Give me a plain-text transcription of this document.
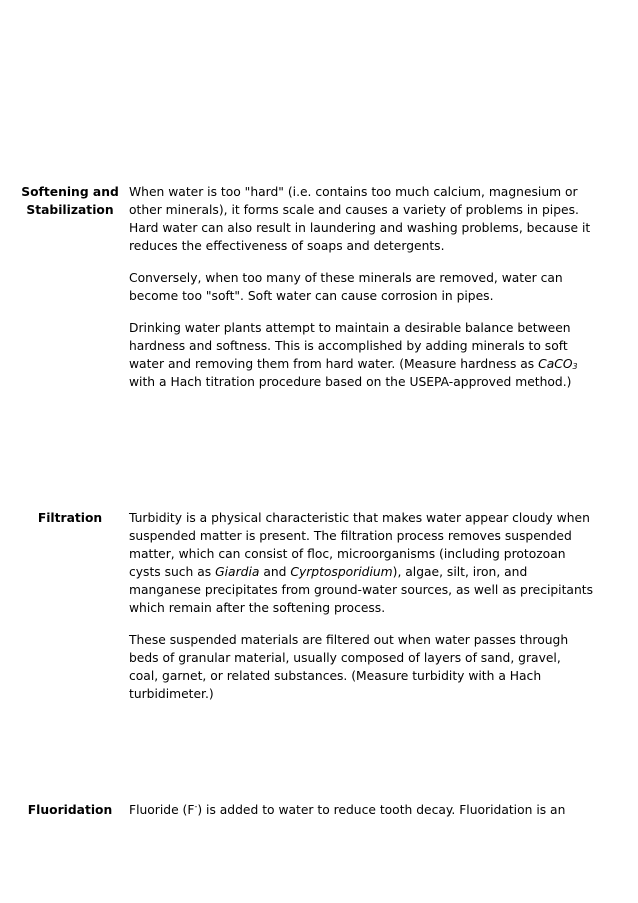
Softening and
Stabilization

When water is too "hard" (i.e. contains too much calcium, magnesium or other minerals), it forms scale and causes a variety of problems in pipes. Hard water can also result in laundering and washing problems, because it reduces the effectiveness of soaps and detergents.

Conversely, when too many of these minerals are removed, water can become too "soft". Soft water can cause corrosion in pipes.

Drinking water plants attempt to maintain a desirable balance between hardness and softness. This is accomplished by adding minerals to soft water and removing them from hard water. (Measure hardness as CaCO$_3$ with a Hach titration procedure based on the USEPA-approved method.)

Filtration	Turbidity is a physical characteristic that makes water appear cloudy when suspended matter is present. The filtration process removes suspended matter, which can consist of floc, microorganisms (including protozoan cysts such as Giardia and Cyrptosporidium), algae, silt, iron, and manganese precipitates from ground-water sources, as well as precipitants which remain after the softening process.

These suspended materials are filtered out when water passes through beds of granular material, usually composed of layers of sand, gravel, coal, garnet, or related substances. (Measure turbidity with a Hach turbidimeter.)

Fluoridation	Fluoride (F-) is added to water to reduce tooth decay. Fluoridation is an
